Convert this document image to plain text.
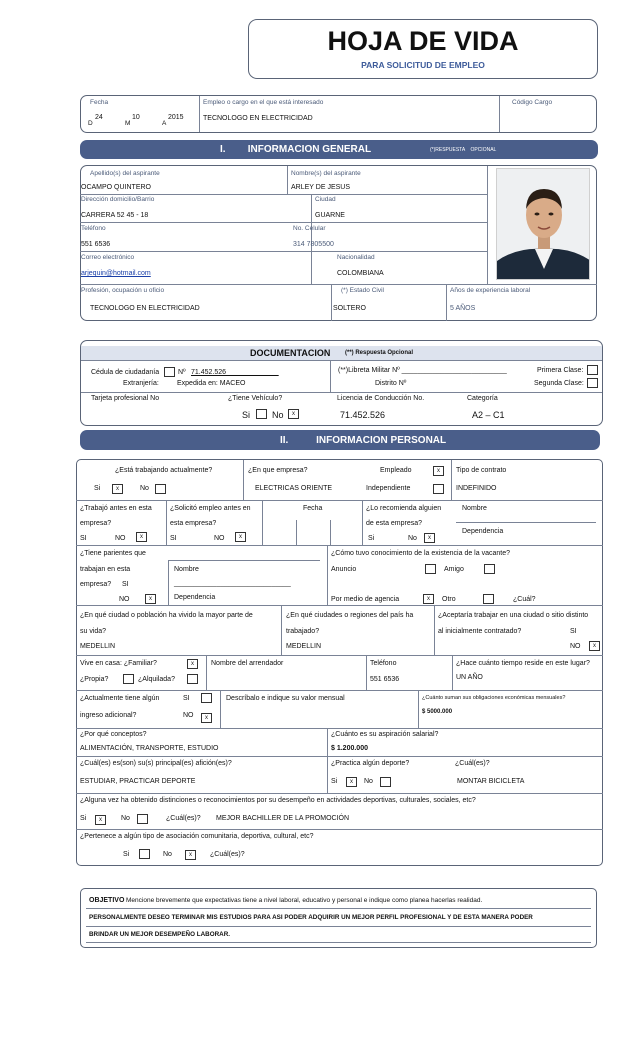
HOJA DE VIDA
PARA SOLICITUD DE EMPLEO
Fecha
D
24
M
10
A
2015
Empleo o cargo en el que está interesado
TECNOLOGO EN ELECTRICIDAD
Código Cargo
I.        INFORMACION GENERAL	(*)RESPUESTA    OPCIONAL
Apellido(s) del aspirante
OCAMPO QUINTERO
Nombre(s) del aspirante
ARLEY DE JESUS
Dirección domicilio/Barrio
CARRERA 52 45 - 18
Ciudad
GUARNE
Teléfono
551 6536
No. Celular
314 7805500
Correo electrónico
arjequin@hotmail.com
Nacionalidad
COLOMBIANA
Profesión, ocupación u oficio
TECNOLOGO EN ELECTRICIDAD
(*) Estado Civil
SOLTERO
Años de experiencia laboral
5 AÑOS
DOCUMENTACION (**) Respuesta Opcional
Cédula de ciudadanía	Nº 71.452.526 _____________
Extranjería:	Expedida en: MACEO
(**)Libreta Militar Nº ___________________________	Primera Clase:
Distrito Nº	Segunda Clase:
Tarjeta profesional No	¿Tiene Vehículo?
Si No	x
Licencia de Conducción No.
71.452.526
Categoría
A2 – C1
II.          INFORMACION PERSONAL
¿Está trabajando actualmente?
Si	x	No
¿En que empresa?
ELECTRICAS ORIENTE
Empleado	x
Independiente
Tipo de contrato
INDEFINIDO
¿Trabajó antes en esta
empresa?
SI	NO	x
¿Solicitó empleo antes en
esta empresa?
SI	NO	x
Fecha	¿Lo recomienda alguien
de esta empresa?
Si	No	x
Nombre
Dependencia
¿Tiene parientes que
trabajan en esta
empresa? SI
NO	x
Nombre
______________________________
Dependencia
¿Cómo tuvo conocimiento de la existencia de la vacante?
Anuncio	Amigo
Por medio de agencia	x	Otro	¿Cuál?
¿En qué ciudad o población ha vivido la mayor parte de
su vida?
MEDELLIN
¿En qué ciudades o regiones del país ha
trabajado?
MEDELLIN
¿Aceptaría trabajar en una ciudad o sitio distinto
al inicialmente contratado?	SI
NO	x
Vive en casa: ¿Familiar?	x
¿Propia?	¿Alquilada?
Nombre del arrendador	Teléfono
551 6536
¿Hace cuánto tiempo reside en este lugar?
UN AÑO
¿Actualmente tiene algún	SI
ingreso adicional?	NO	x
Descríbalo e indique su valor mensual	¿Cuánto suman sus obligaciones económicas mensuales?
$ 5000.000
¿Por qué conceptos?
ALIMENTACIÓN, TRANSPORTE, ESTUDIO
¿Cuánto es su aspiración salarial?
$ 1.200.000
¿Cuál(es) es(son) su(s) principal(es) afición(es)?
ESTUDIAR, PRACTICAR DEPORTE
¿Practica algún deporte?	¿Cuál(es)?
Si	x	No	MONTAR BICICLETA
¿Alguna vez ha obtenido distinciones o reconocimientos por su desempeño en actividades deportivas, culturales, sociales, etc?
Si	x	No	¿Cuál(es)? MEJOR BACHILLER DE LA PROMOCIÓN
¿Pertenece a algún tipo de asociación comunitaria, deportiva, cultural, etc?
Si	No	x	¿Cuál(es)?
OBJETIVO Mencione brevemente que expectativas tiene a nivel laboral, educativo y personal e indique como planea hacerlas realidad.
PERSONALMENTE DESEO TERMINAR MIS ESTUDIOS PARA ASI PODER ADQUIRIR UN MEJOR PERFIL PROFESIONAL Y DE ESTA MANERA PODER
BRINDAR UN MEJOR DESEMPEÑO LABORAR.
